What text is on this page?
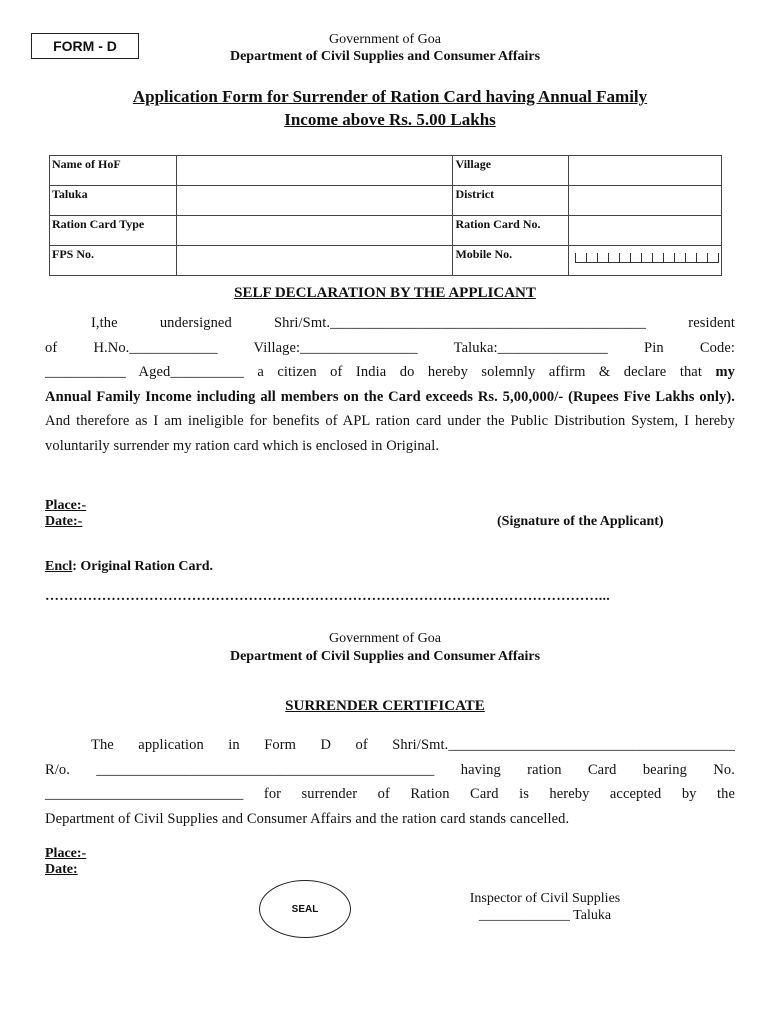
FORM - D	Government of Goa
Department of Civil Supplies and Consumer Affairs
Application Form for Surrender of Ration Card having Annual Family
Income above Rs. 5.00 Lakhs
Name of HoF		Village	
Taluka		District	
Ration Card Type		Ration Card No.	
FPS No.		Mobile No.	
SELF DECLARATION BY THE APPLICANT

I,the undersigned Shri/Smt.___________________________________________ resident

of H.No.____________ Village:________________ Taluka:_______________ Pin Code:

___________ Aged__________ a citizen of India do hereby solemnly affirm & declare that my

Annual Family Income including all members on the Card exceeds Rs. 5,00,000/- (Rupees Five Lakhs only). And therefore as I am ineligible for benefits of APL ration card under the Public Distribution System, I hereby voluntarily surrender my ration card which is enclosed in Original.

Place:-
Date:-	(Signature of the Applicant)
Encl: Original Ration Card.
………………………………………………………………………………………………………...
Government of Goa
Department of Civil Supplies and Consumer Affairs
SURRENDER CERTIFICATE

The application in Form D of Shri/Smt._______________________________________

R/o. ______________________________________________ having ration Card bearing No.

___________________________ for surrender of Ration Card is hereby accepted by the

Department of Civil Supplies and Consumer Affairs and the ration card stands cancelled.

Place:-
Date:
SEAL
Inspector of Civil Supplies
_____________ Taluka
